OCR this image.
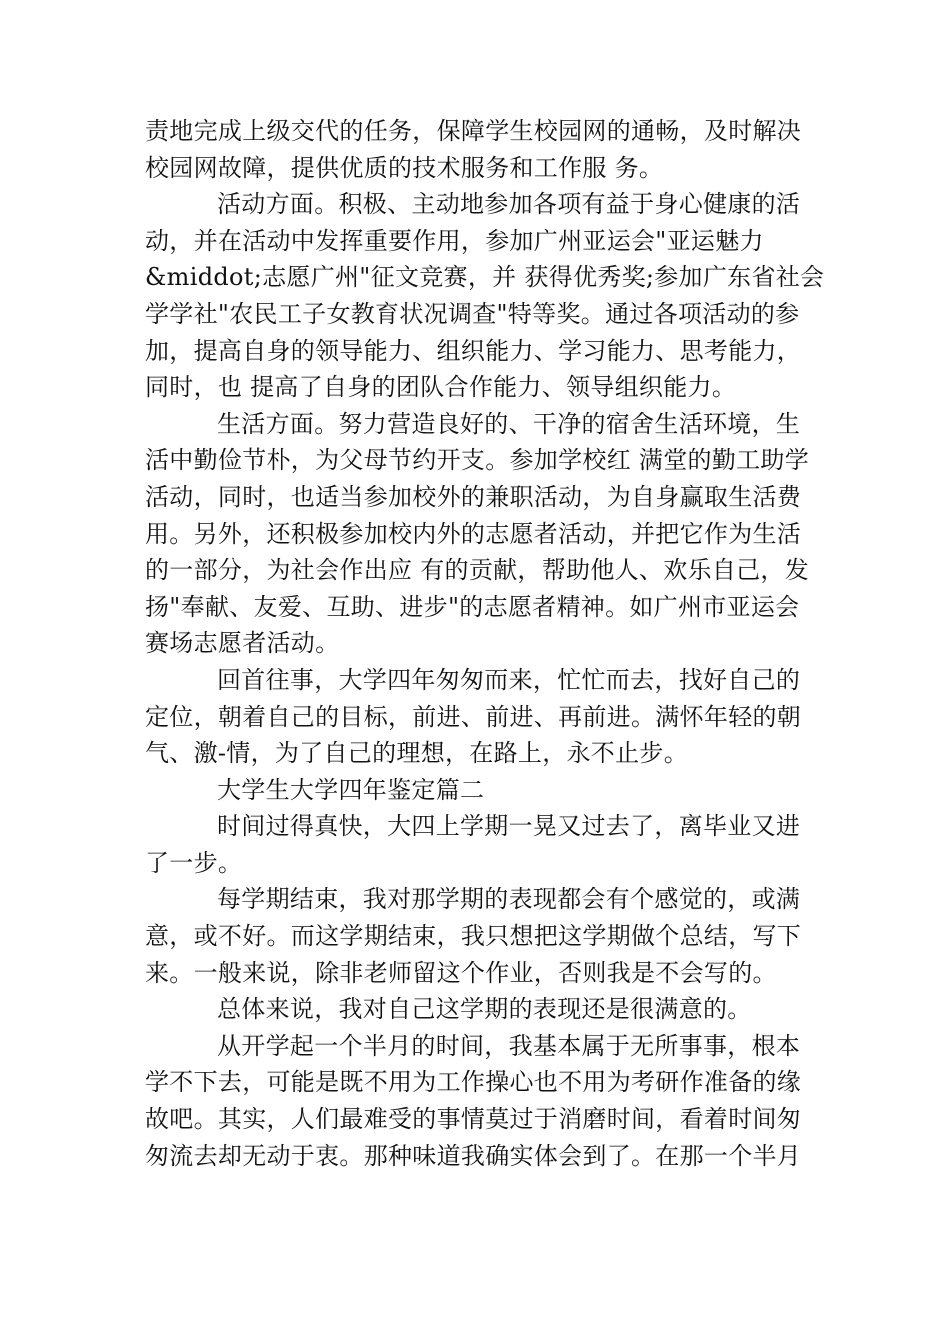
责地完成上级交代的任务，保障学生校园网的通畅，及时解决
校园网故障，提供优质的技术服务和工作服 务。
活动方面。积极、主动地参加各项有益于身心健康的活
动，并在活动中发挥重要作用，参加广州亚运会"亚运魅力
&middot;志愿广州"征文竞赛，并 获得优秀奖;参加广东省社会
学学社"农民工子女教育状况调查"特等奖。通过各项活动的参
加，提高自身的领导能力、组织能力、学习能力、思考能力，
同时，也 提高了自身的团队合作能力、领导组织能力。
生活方面。努力营造良好的、干净的宿舍生活环境，生
活中勤俭节朴，为父母节约开支。参加学校红 满堂的勤工助学
活动，同时，也适当参加校外的兼职活动，为自身赢取生活费
用。另外，还积极参加校内外的志愿者活动，并把它作为生活
的一部分，为社会作出应 有的贡献，帮助他人、欢乐自己，发
扬"奉献、友爱、互助、进步"的志愿者精神。如广州市亚运会
赛场志愿者活动。
回首往事，大学四年匆匆而来，忙忙而去，找好自己的
定位，朝着自己的目标，前进、前进、再前进。满怀年轻的朝
气、激-情，为了自己的理想，在路上，永不止步。
大学生大学四年鉴定篇二
时间过得真快，大四上学期一晃又过去了，离毕业又进
了一步。
每学期结束，我对那学期的表现都会有个感觉的，或满
意，或不好。而这学期结束，我只想把这学期做个总结，写下
来。一般来说，除非老师留这个作业，否则我是不会写的。
总体来说，我对自己这学期的表现还是很满意的。
从开学起一个半月的时间，我基本属于无所事事，根本
学不下去，可能是既不用为工作操心也不用为考研作准备的缘
故吧。其实，人们最难受的事情莫过于消磨时间，看着时间匆
匆流去却无动于衷。那种味道我确实体会到了。在那一个半月
